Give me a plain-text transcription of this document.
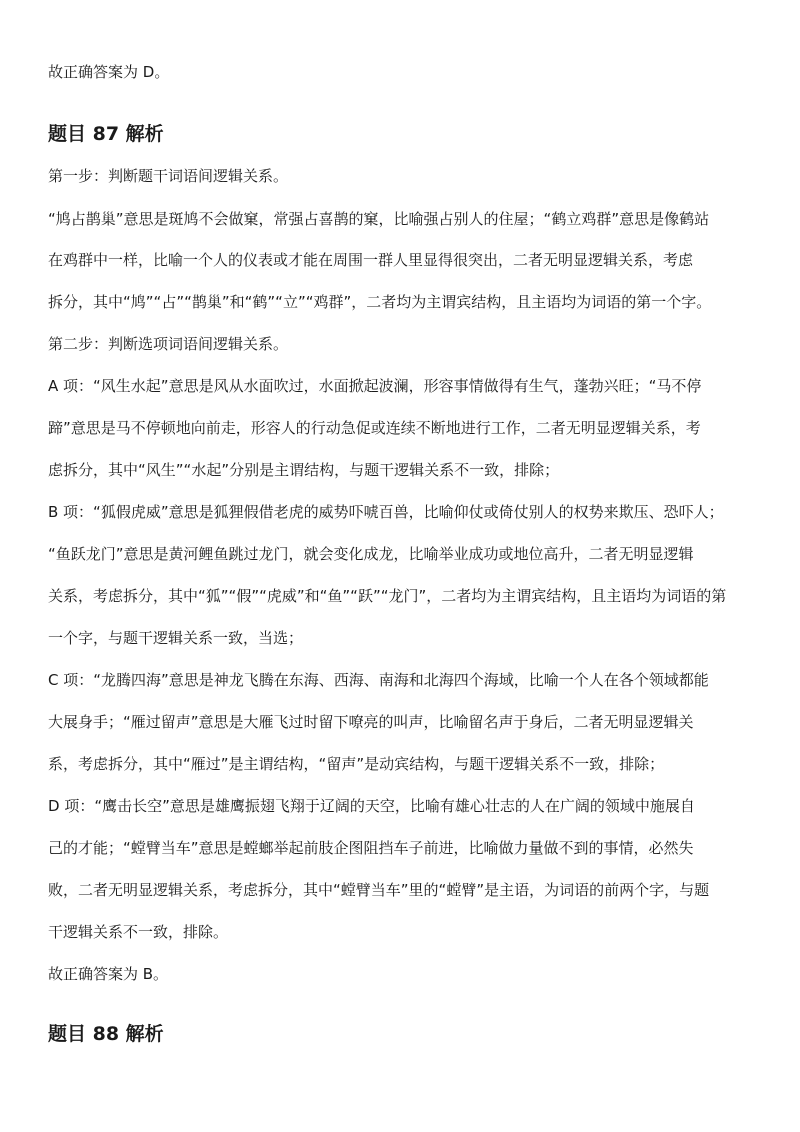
故正确答案为 D。
题目 87 解析
第一步：判断题干词语间逻辑关系。
“鸠占鹊巢”意思是斑鸠不会做窠，常强占喜鹊的窠，比喻强占别人的住屋；“鹤立鸡群”意思是像鹤站
在鸡群中一样，比喻一个人的仪表或才能在周围一群人里显得很突出，二者无明显逻辑关系，考虑
拆分，其中“鸠”“占”“鹊巢”和“鹤”“立”“鸡群”，二者均为主谓宾结构，且主语均为词语的第一个字。
第二步：判断选项词语间逻辑关系。
A 项：“风生水起”意思是风从水面吹过，水面掀起波澜，形容事情做得有生气，蓬勃兴旺；“马不停
蹄”意思是马不停顿地向前走，形容人的行动急促或连续不断地进行工作，二者无明显逻辑关系，考
虑拆分，其中“风生”“水起”分别是主谓结构，与题干逻辑关系不一致，排除；
B 项：“狐假虎威”意思是狐狸假借老虎的威势吓唬百兽，比喻仰仗或倚仗别人的权势来欺压、恐吓人；
“鱼跃龙门”意思是黄河鲤鱼跳过龙门，就会变化成龙，比喻举业成功或地位高升，二者无明显逻辑
关系，考虑拆分，其中“狐”“假”“虎威”和“鱼”“跃”“龙门”，二者均为主谓宾结构，且主语均为词语的第
一个字，与题干逻辑关系一致，当选；
C 项：“龙腾四海”意思是神龙飞腾在东海、西海、南海和北海四个海域，比喻一个人在各个领域都能
大展身手；“雁过留声”意思是大雁飞过时留下嘹亮的叫声，比喻留名声于身后，二者无明显逻辑关
系，考虑拆分，其中“雁过”是主谓结构，“留声”是动宾结构，与题干逻辑关系不一致，排除；
D 项：“鹰击长空”意思是雄鹰振翅飞翔于辽阔的天空，比喻有雄心壮志的人在广阔的领域中施展自
己的才能；“螳臂当车”意思是螳螂举起前肢企图阻挡车子前进，比喻做力量做不到的事情，必然失
败，二者无明显逻辑关系，考虑拆分，其中“螳臂当车”里的“螳臂”是主语，为词语的前两个字，与题
干逻辑关系不一致，排除。
故正确答案为 B。
题目 88 解析
